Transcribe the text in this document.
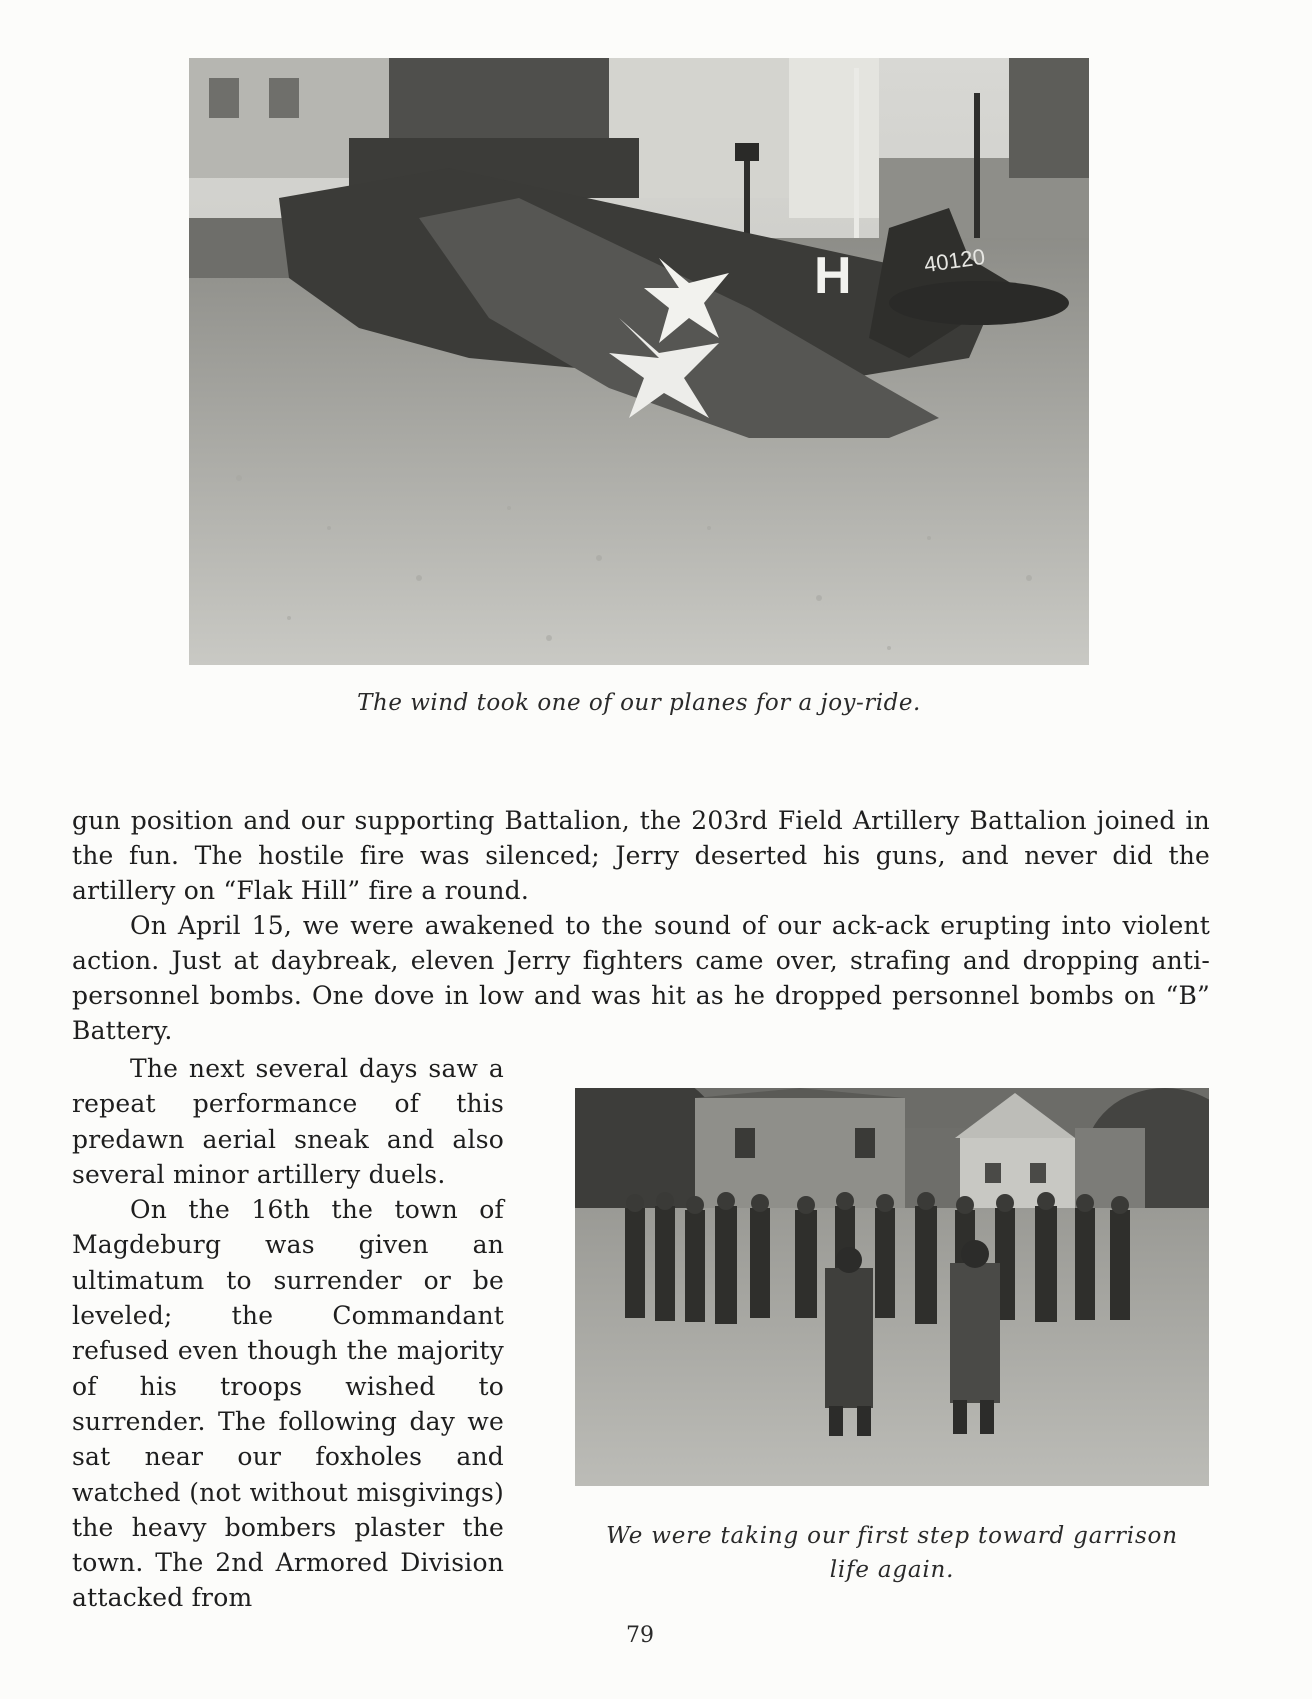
H	40120
The wind took one of our planes for a joy-ride.

gun position and our supporting Battalion, the 203rd Field Artillery Battalion joined in the fun. The hostile fire was silenced; Jerry deserted his guns, and never did the artillery on “Flak Hill” fire a round.

On April 15, we were awakened to the sound of our ack-ack erupting into violent action. Just at daybreak, eleven Jerry fighters came over, strafing and dropping anti-personnel bombs. One dove in low and was hit as he dropped personnel bombs on “B” Battery.

The next several days saw a repeat performance of this predawn aerial sneak and also several minor artillery duels.

On the 16th the town of Magdeburg was given an ultimatum to surrender or be leveled; the Commandant refused even though the majority of his troops wished to surrender. The following day we sat near our foxholes and watched (not without misgivings) the heavy bombers plaster the town. The 2nd Armored Division attacked from

We were taking our first step toward garrison
life again.
79
